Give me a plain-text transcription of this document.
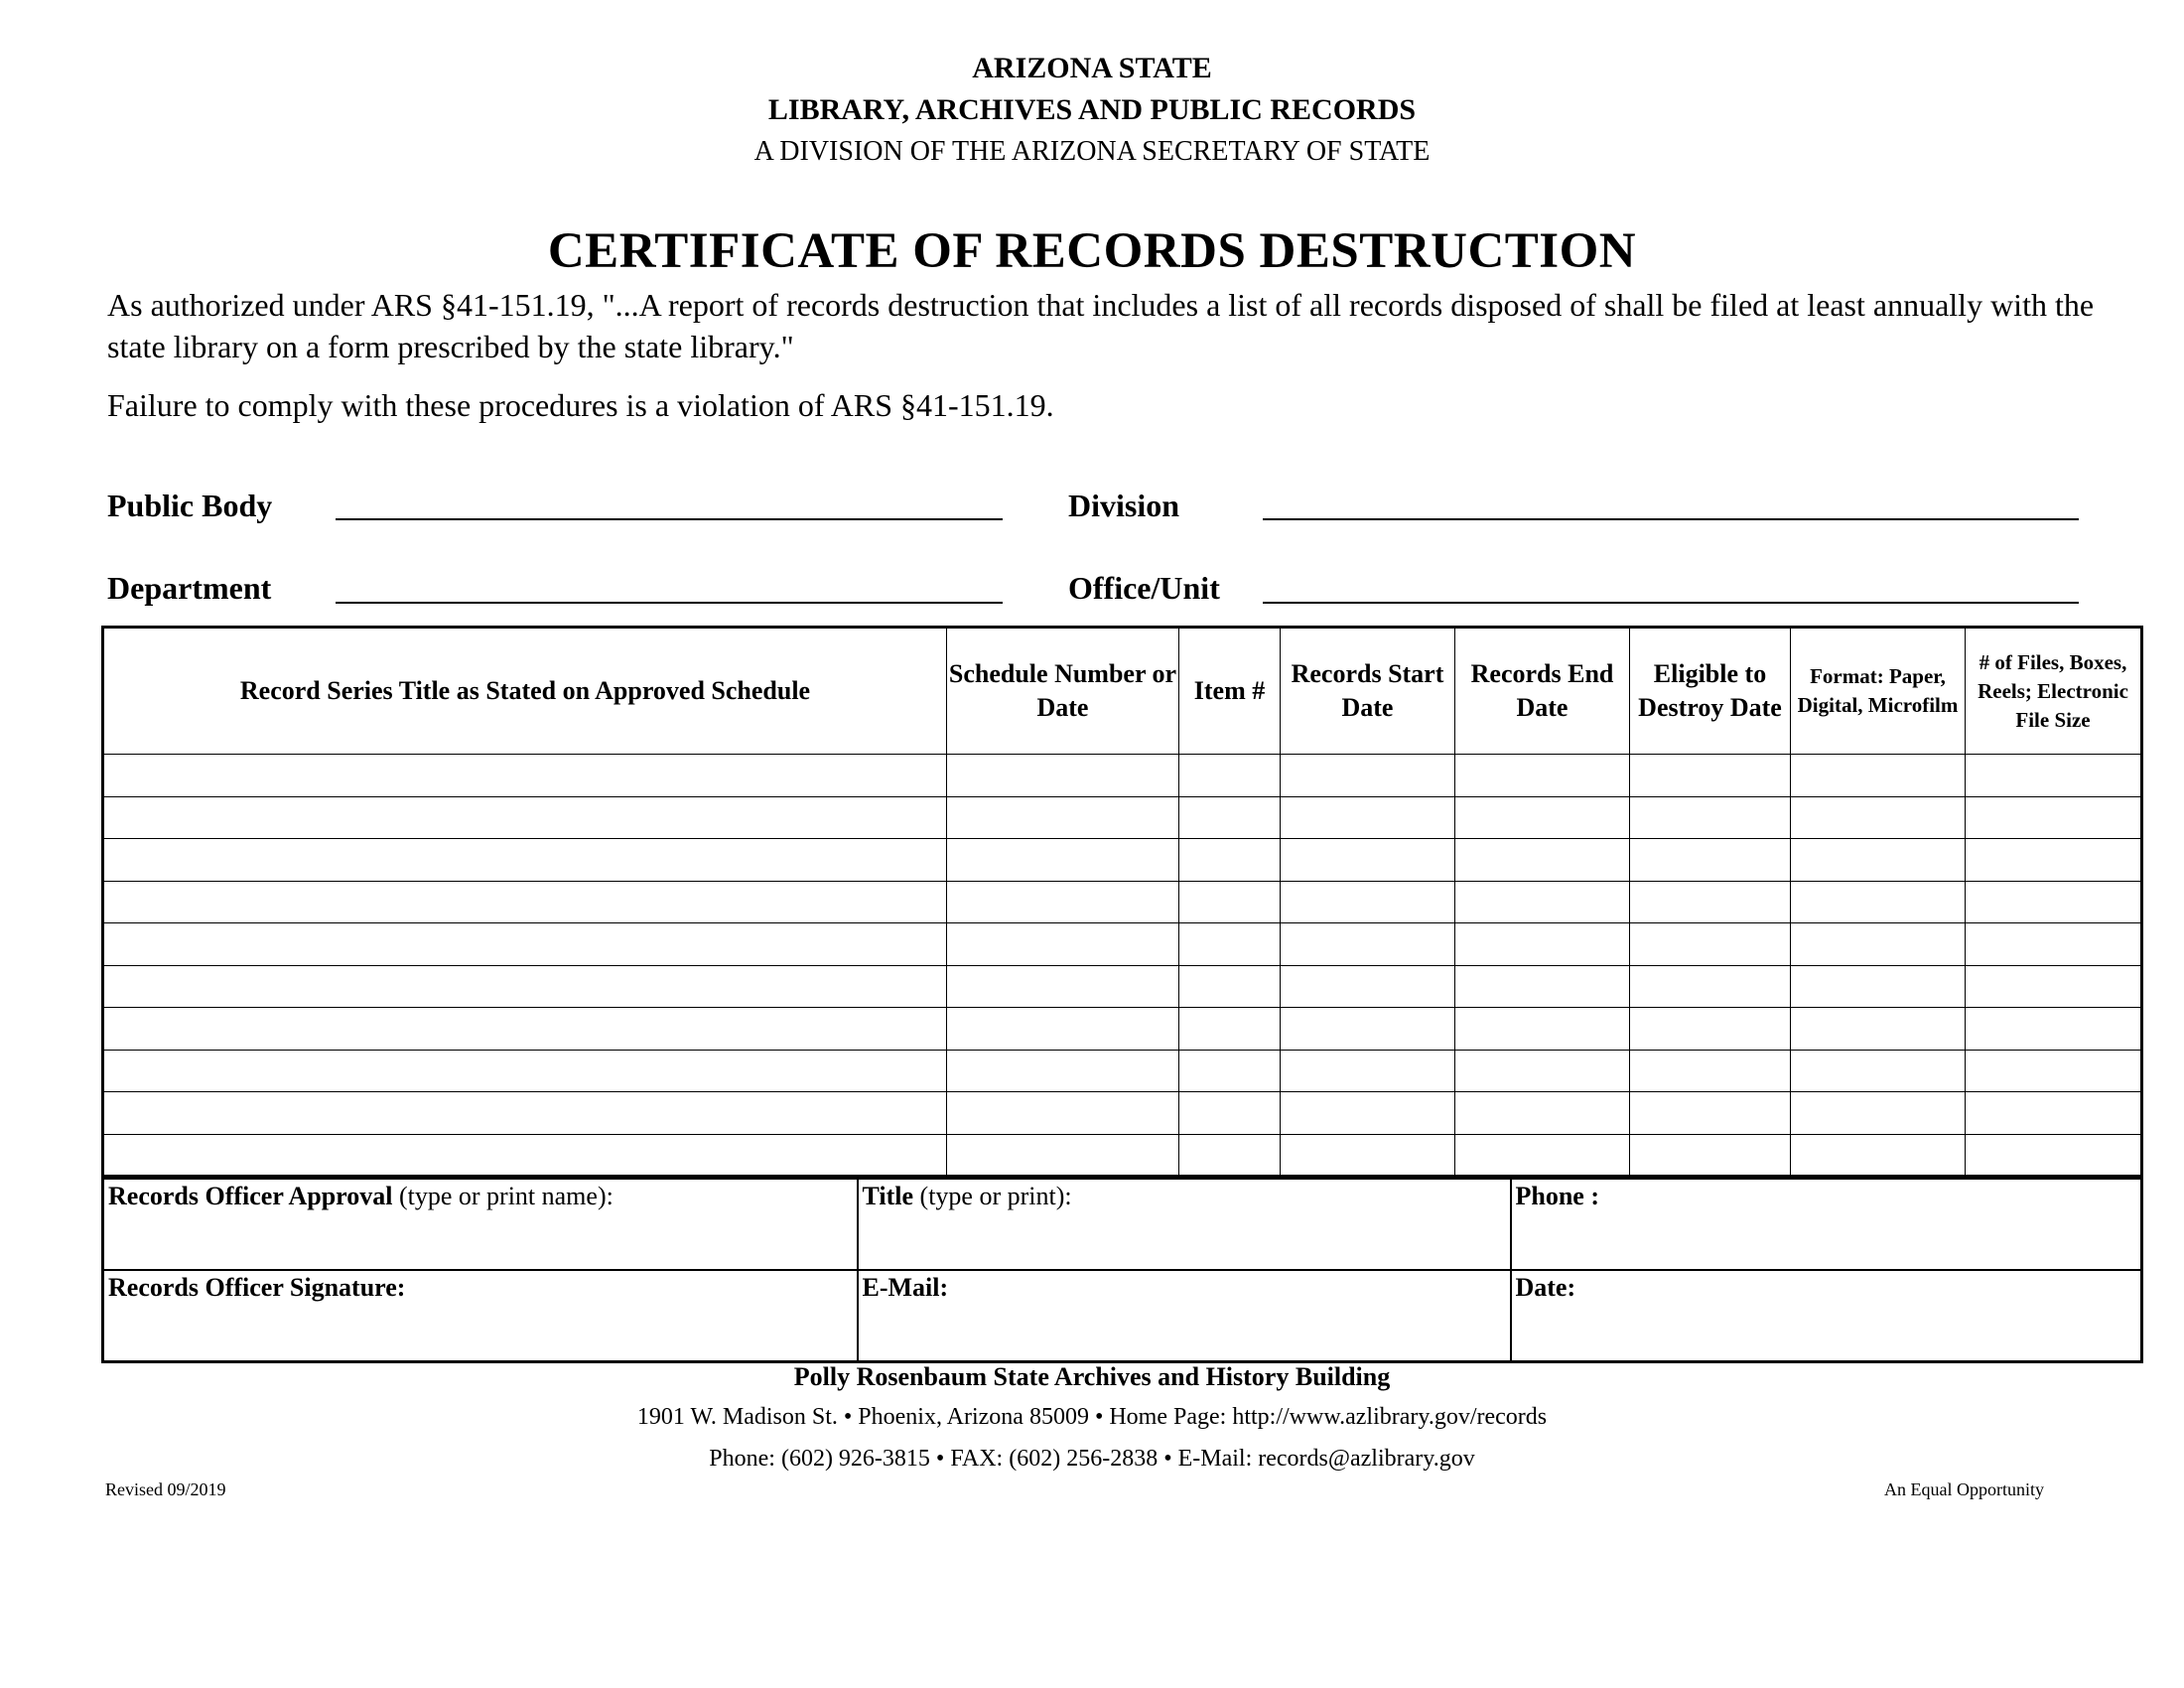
ARIZONA STATE
LIBRARY, ARCHIVES AND PUBLIC RECORDS
A DIVISION OF THE ARIZONA SECRETARY OF STATE
CERTIFICATE OF RECORDS DESTRUCTION
As authorized under ARS §41-151.19, "...A report of records destruction that includes a list of all records disposed of shall be filed at least annually with the state library on a form prescribed by the state library."
Failure to comply with these procedures is a violation of ARS §41-151.19.
Public Body	Division
Department	Office/Unit
Record Series Title as Stated on Approved Schedule	Schedule Number or Date	Item #	Records Start Date	Records End Date	Eligible to Destroy Date	Format: Paper, Digital, Microfilm	# of Files, Boxes, Reels; Electronic File Size

Records Officer Approval (type or print name):	Title (type or print):	Phone :
Records Officer Signature:	E-Mail:	Date:
Polly Rosenbaum State Archives and History Building
1901 W. Madison St. • Phoenix, Arizona 85009 • Home Page: http://www.azlibrary.gov/records
Phone: (602) 926-3815 • FAX: (602) 256-2838 • E-Mail: records@azlibrary.gov
Revised 09/2019	An Equal Opportunity
